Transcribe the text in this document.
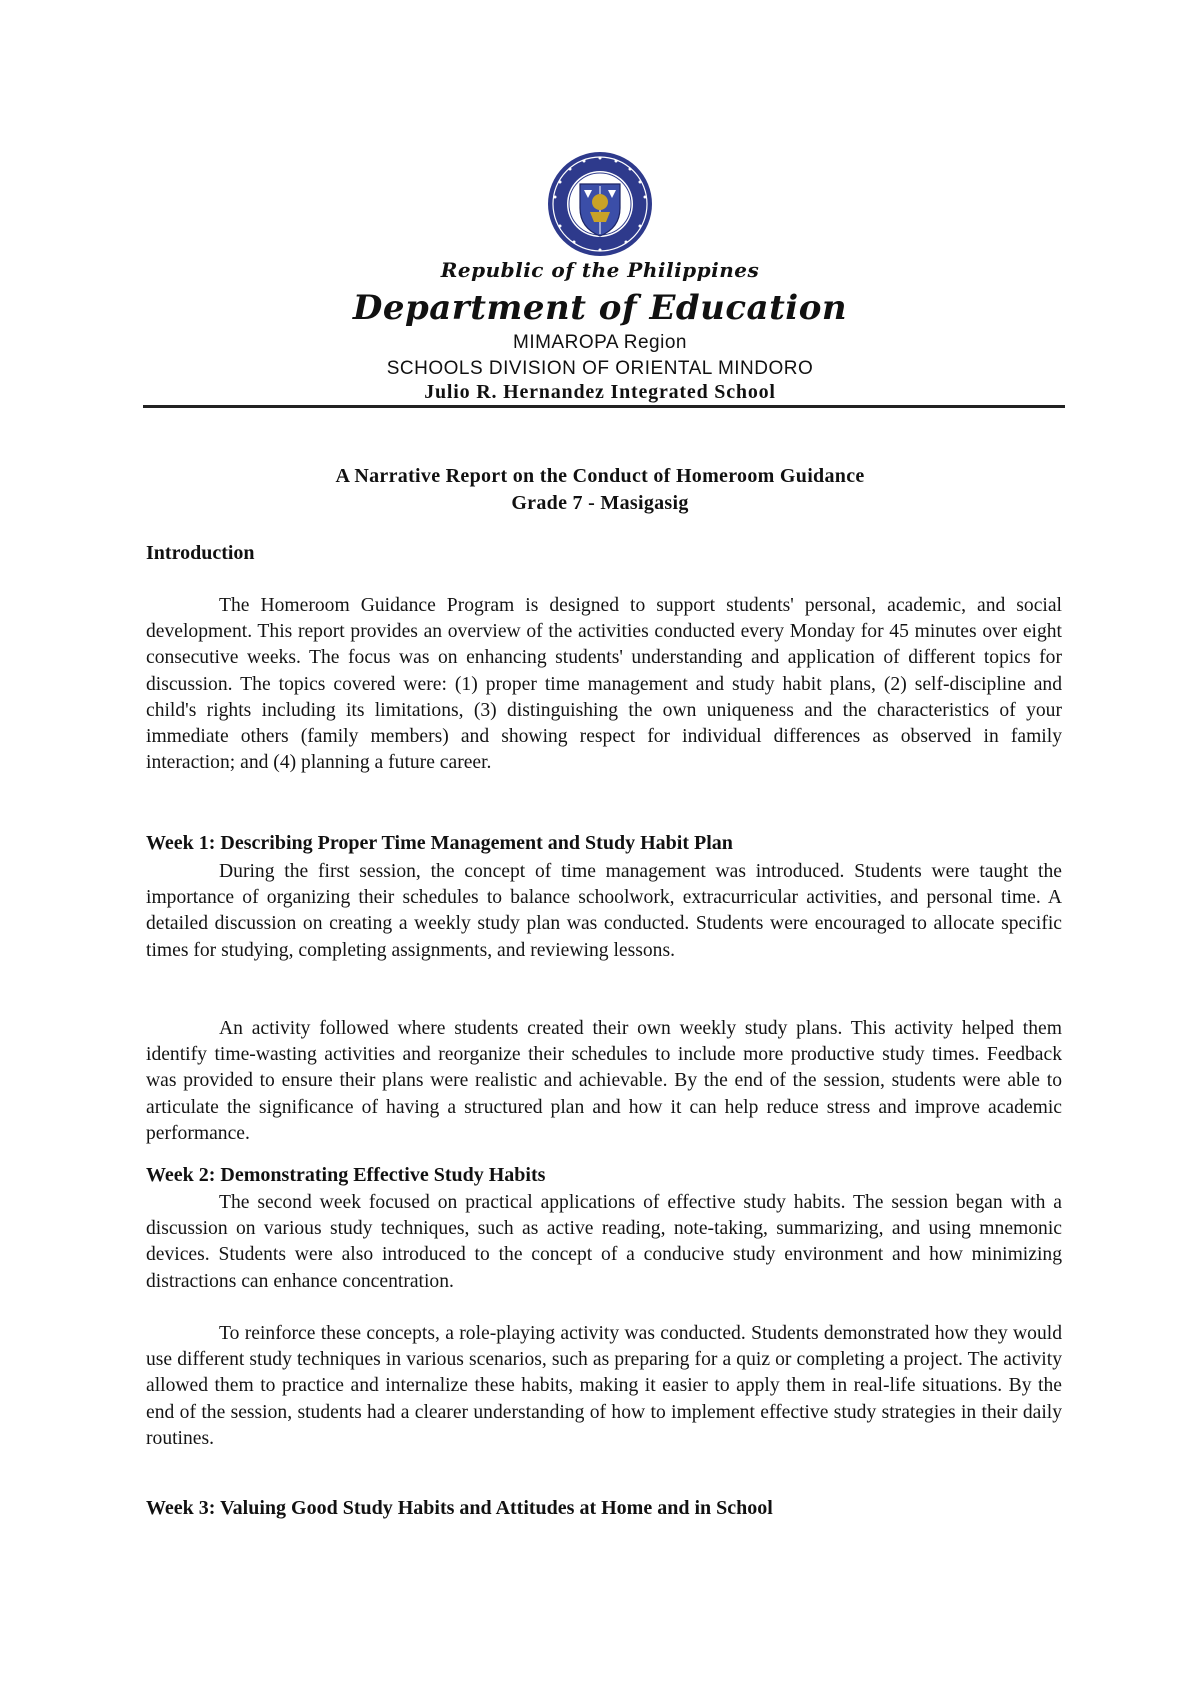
Republic of the Philippines
Department of Education
MIMAROPA Region
SCHOOLS DIVISION OF ORIENTAL MINDORO
Julio R. Hernandez Integrated School
A Narrative Report on the Conduct of Homeroom Guidance
Grade 7 - Masigasig
Introduction

The Homeroom Guidance Program is designed to support students' personal, academic, and social development. This report provides an overview of the activities conducted every Monday for 45 minutes over eight consecutive weeks. The focus was on enhancing students' understanding and application of different topics for discussion. The topics covered were: (1) proper time management and study habit plans, (2) self-discipline and child's rights including its limitations, (3) distinguishing the own uniqueness and the characteristics of your immediate others (family members) and showing respect for individual differences as observed in family interaction; and (4) planning a future career.

Week 1: Describing Proper Time Management and Study Habit Plan

During the first session, the concept of time management was introduced. Students were taught the importance of organizing their schedules to balance schoolwork, extracurricular activities, and personal time. A detailed discussion on creating a weekly study plan was conducted. Students were encouraged to allocate specific times for studying, completing assignments, and reviewing lessons.

An activity followed where students created their own weekly study plans. This activity helped them identify time-wasting activities and reorganize their schedules to include more productive study times. Feedback was provided to ensure their plans were realistic and achievable. By the end of the session, students were able to articulate the significance of having a structured plan and how it can help reduce stress and improve academic performance.

Week 2: Demonstrating Effective Study Habits

The second week focused on practical applications of effective study habits. The session began with a discussion on various study techniques, such as active reading, note-taking, summarizing, and using mnemonic devices. Students were also introduced to the concept of a conducive study environment and how minimizing distractions can enhance concentration.

To reinforce these concepts, a role-playing activity was conducted. Students demonstrated how they would use different study techniques in various scenarios, such as preparing for a quiz or completing a project. The activity allowed them to practice and internalize these habits, making it easier to apply them in real-life situations. By the end of the session, students had a clearer understanding of how to implement effective study strategies in their daily routines.

Week 3: Valuing Good Study Habits and Attitudes at Home and in School
